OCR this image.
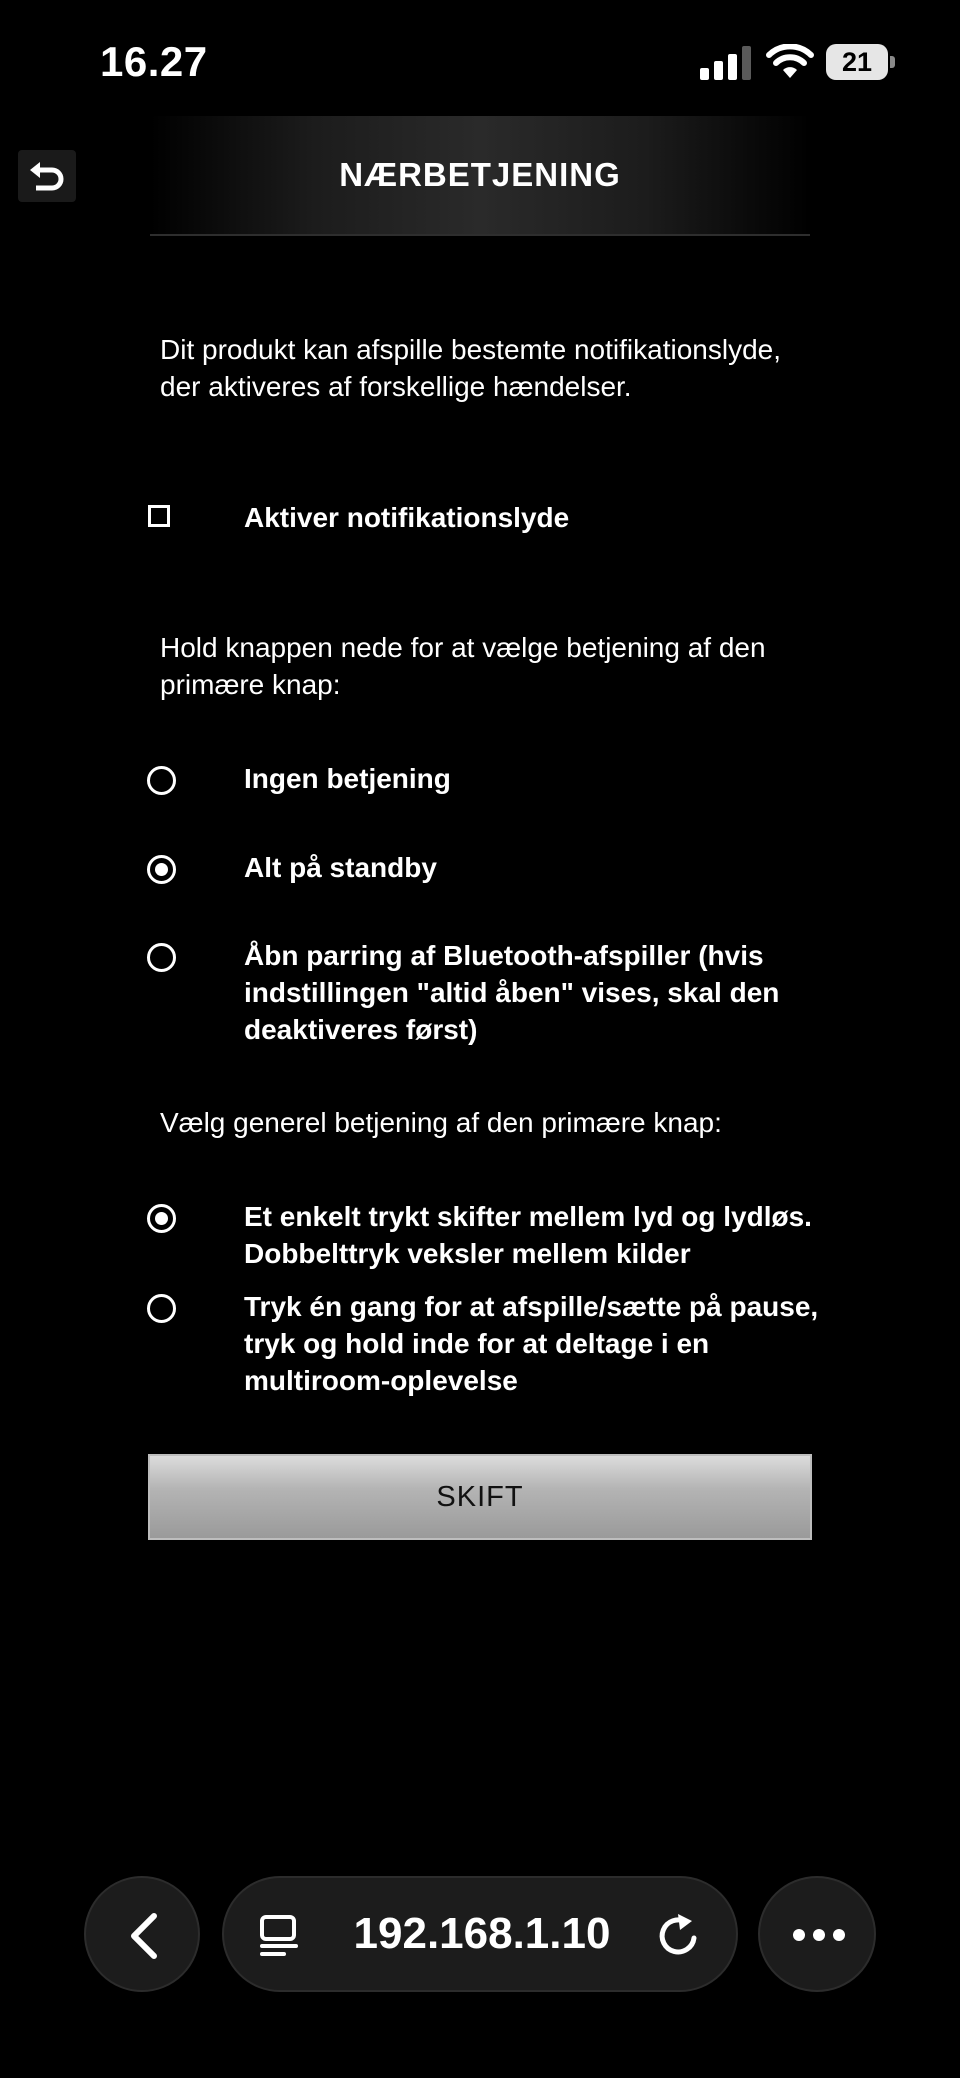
16.27	21
NÆRBETJENING
Dit produkt kan afspille bestemte notifikationslyde, der aktiveres af forskellige hændelser.
Aktiver notifikationslyde
Hold knappen nede for at vælge betjening af den primære knap:
Ingen betjening
Alt på standby
Åbn parring af Bluetooth-afspiller (hvis indstillingen "altid åben" vises, skal den deaktiveres først)
Vælg generel betjening af den primære knap:
Et enkelt trykt skifter mellem lyd og lydløs. Dobbelttryk veksler mellem kilder
Tryk én gang for at afspille/sætte på pause, tryk og hold inde for at deltage i en multiroom-oplevelse
SKIFT
192.168.1.10
